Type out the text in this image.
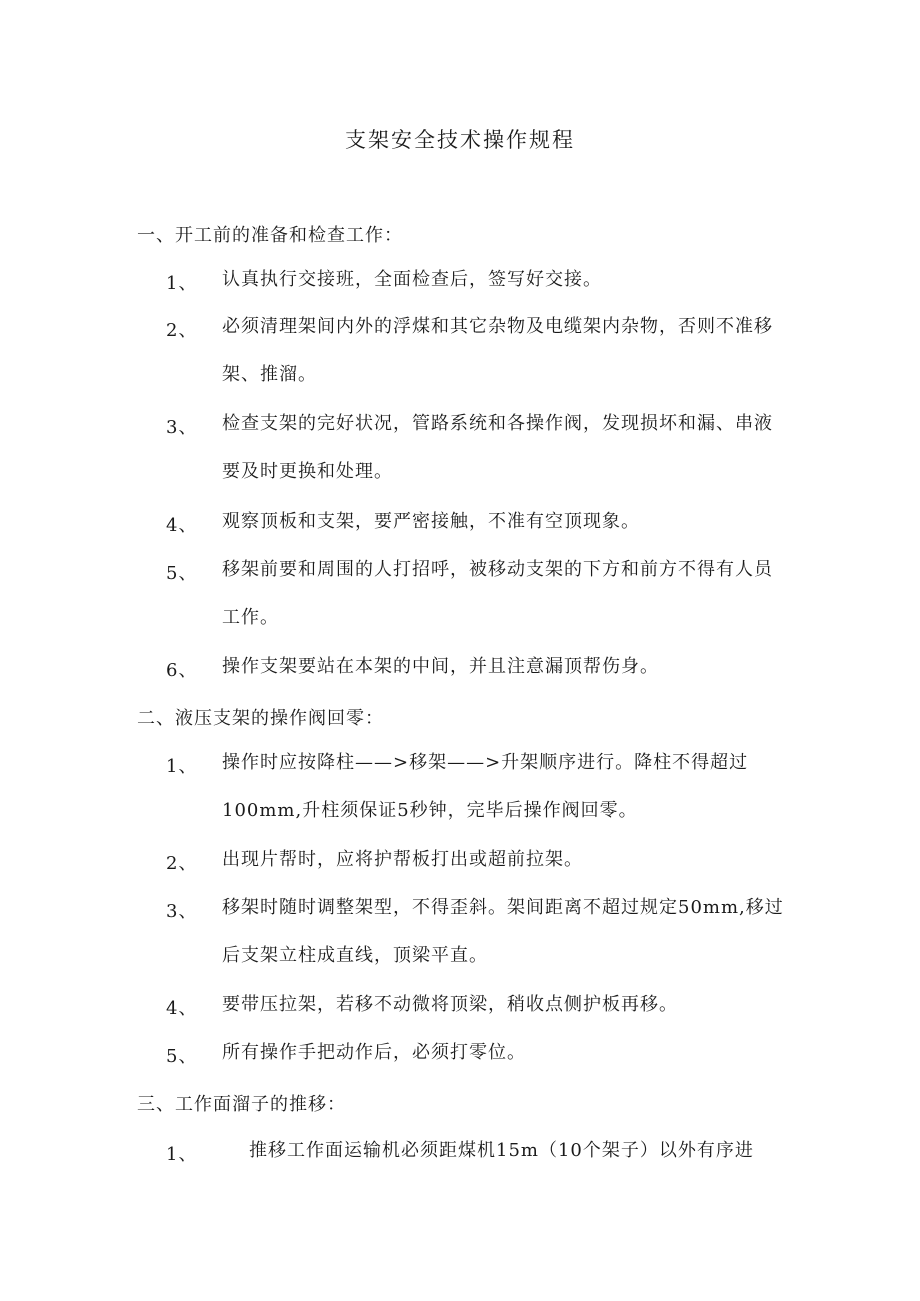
支架安全技术操作规程
一、开工前的准备和检查工作：
1、 认真执行交接班，全面检查后，签写好交接。
2、 必须清理架间内外的浮煤和其它杂物及电缆架内杂物，否则不准移架、推溜。
3、 检查支架的完好状况，管路系统和各操作阀，发现损坏和漏、串液要及时更换和处理。
4、 观察顶板和支架，要严密接触，不准有空顶现象。
5、 移架前要和周围的人打招呼，被移动支架的下方和前方不得有人员工作。
6、 操作支架要站在本架的中间，并且注意漏顶帮伤身。
二、液压支架的操作阀回零：
1、 操作时应按降柱——>移架——>升架顺序进行。降柱不得超过100mm,升柱须保证5秒钟，完毕后操作阀回零。
2、 出现片帮时，应将护帮板打出或超前拉架。
3、 移架时随时调整架型，不得歪斜。架间距离不超过规定50mm,移过后支架立柱成直线，顶梁平直。
4、 要带压拉架，若移不动微将顶梁，稍收点侧护板再移。
5、 所有操作手把动作后，必须打零位。
三、工作面溜子的推移：
1、	推移工作面运输机必须距煤机15m（10个架子）以外有序进
